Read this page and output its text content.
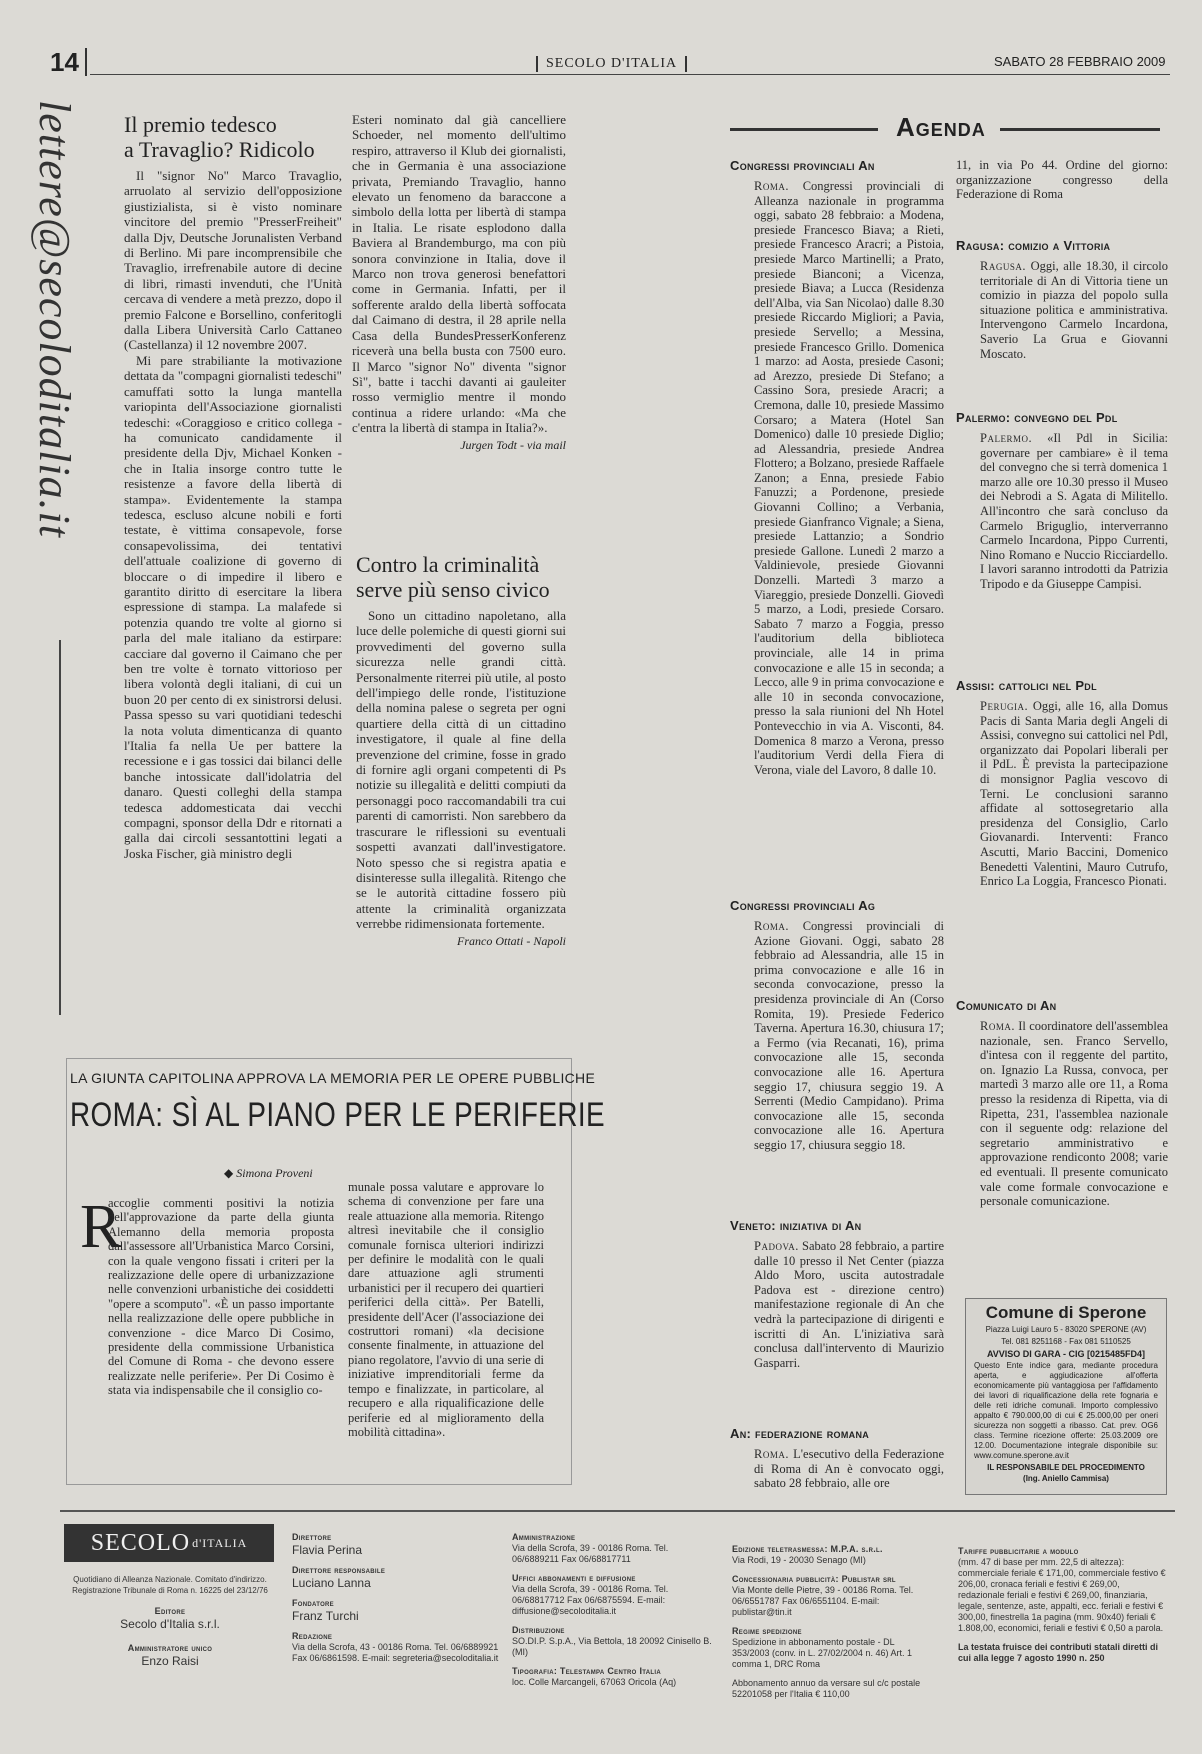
14	SECOLO D'ITALIA	SABATO 28 FEBBRAIO 2009
lettere@secoloditalia.it Il premio tedesco
a Travaglio? Ridicolo

Il "signor No" Marco Travaglio, arruolato al servizio dell'opposizione giustizialista, si è visto nominare vincitore del premio "PresserFreiheit" dalla Djv, Deutsche Jorunalisten Verband di Berlino. Mi pare incomprensibile che Travaglio, irrefrenabile autore di decine di libri, rimasti invenduti, che l'Unità cercava di vendere a metà prezzo, dopo il premio Falcone e Borsellino, conferitogli dalla Libera Università Carlo Cattaneo (Castellanza) il 12 novembre 2007.

Mi pare strabiliante la motivazione dettata da "compagni giornalisti tedeschi" camuffati sotto la lunga mantella variopinta dell'Associazione giornalisti tedeschi: «Coraggioso e critico collega - ha comunicato candidamente il presidente della Djv, Michael Konken - che in Italia insorge contro tutte le resistenze a favore della libertà di stampa». Evidentemente la stampa tedesca, escluso alcune nobili e forti testate, è vittima consapevole, forse consapevolissima, dei tentativi dell'attuale coalizione di governo di bloccare o di impedire il libero e garantito diritto di esercitare la libera espressione di stampa. La malafede si potenzia quando tre volte al giorno si parla del male italiano da estirpare: cacciare dal governo il Caimano che per ben tre volte è tornato vittorioso per libera volontà degli italiani, di cui un buon 20 per cento di ex sinistrorsi delusi. Passa spesso su vari quotidiani tedeschi la nota voluta dimenticanza di quanto l'Italia fa nella Ue per battere la recessione e i gas tossici dai bilanci delle banche intossicate dall'idolatria del danaro. Questi colleghi della stampa tedesca addomesticata dai vecchi compagni, sponsor della Ddr e ritornati a galla dai circoli sessantottini legati a Joska Fischer, già ministro degli

Esteri nominato dal già cancelliere Schoeder, nel momento dell'ultimo respiro, attraverso il Klub dei giornalisti, che in Germania è una associazione privata, Premiando Travaglio, hanno elevato un fenomeno da baraccone a simbolo della lotta per libertà di stampa in Italia. Le risate esplodono dalla Baviera al Brandemburgo, ma con più sonora convinzione in Italia, dove il Marco non trova generosi benefattori come in Germania. Infatti, per il sofferente araldo della libertà soffocata dal Caimano di destra, il 28 aprile nella Casa della BundesPresserKonferenz riceverà una bella busta con 7500 euro. Il Marco "signor No" diventa "signor Sì", batte i tacchi davanti ai gauleiter rosso vermiglio mentre il mondo continua a ridere urlando: «Ma che c'entra la libertà di stampa in Italia?».

Jurgen Todt - via mail
Contro la criminalità
serve più senso civico

Sono un cittadino napoletano, alla luce delle polemiche di questi giorni sui provvedimenti del governo sulla sicurezza nelle grandi città. Personalmente riterrei più utile, al posto dell'impiego delle ronde, l'istituzione della nomina palese o segreta per ogni quartiere della città di un cittadino investigatore, il quale al fine della prevenzione del crimine, fosse in grado di fornire agli organi competenti di Ps notizie su illegalità e delitti compiuti da personaggi poco raccomandabili tra cui parenti di camorristi. Non sarebbero da trascurare le riflessioni su eventuali sospetti avanzati dall'investigatore. Noto spesso che si registra apatia e disinteresse sulla illegalità. Ritengo che se le autorità cittadine fossero più attente la criminalità organizzata verrebbe ridimensionata fortemente.

Franco Ottati - Napoli
LA GIUNTA CAPITOLINA APPROVA LA MEMORIA PER LE OPERE PUBBLICHE
ROMA: SÌ AL PIANO PER LE PERIFERIE
◆ Simona Proveni
R

accoglie commenti positivi la notizia dell'approvazione da parte della giunta Alemanno della memoria proposta dall'assessore all'Urbanistica Marco Corsini, con la quale vengono fissati i criteri per la realizzazione delle opere di urbanizzazione nelle convenzioni urbanistiche dei cosiddetti "opere a scomputo". «È un passo importante nella realizzazione delle opere pubbliche in convenzione - dice Marco Di Cosimo, presidente della commissione Urbanistica del Comune di Roma - che devono essere realizzate nelle periferie». Per Di Cosimo è stata via indispensabile che il consiglio co-

munale possa valutare e approvare lo schema di convenzione per fare una reale attuazione alla memoria. Ritengo altresì inevitabile che il consiglio comunale fornisca ulteriori indirizzi per definire le modalità con le quali dare attuazione agli strumenti urbanistici per il recupero dei quartieri periferici della città». Per Batelli, presidente dell'Acer (l'associazione dei costruttori romani) «la decisione consente finalmente, in attuazione del piano regolatore, l'avvio di una serie di iniziative imprenditoriali ferme da tempo e finalizzate, in particolare, al recupero e alla riqualificazione delle periferie ed al miglioramento della mobilità cittadina».

Agenda
Congressi provinciali An
Roma. Congressi provinciali di Alleanza nazionale in programma oggi, sabato 28 febbraio: a Modena, presiede Francesco Biava; a Rieti, presiede Francesco Aracri; a Pistoia, presiede Marco Martinelli; a Prato, presiede Bianconi; a Vicenza, presiede Biava; a Lucca (Residenza dell'Alba, via San Nicolao) dalle 8.30 presiede Riccardo Migliori; a Pavia, presiede Servello; a Messina, presiede Francesco Grillo. Domenica 1 marzo: ad Aosta, presiede Casoni; ad Arezzo, presiede Di Stefano; a Cassino Sora, presiede Aracri; a Cremona, dalle 10, presiede Massimo Corsaro; a Matera (Hotel San Domenico) dalle 10 presiede Diglio; ad Alessandria, presiede Andrea Flottero; a Bolzano, presiede Raffaele Zanon; a Enna, presiede Fabio Fanuzzi; a Pordenone, presiede Giovanni Collino; a Verbania, presiede Gianfranco Vignale; a Siena, presiede Lattanzio; a Sondrio presiede Gallone. Lunedì 2 marzo a Valdinievole, presiede Giovanni Donzelli. Martedì 3 marzo a Viareggio, presiede Donzelli. Giovedì 5 marzo, a Lodi, presiede Corsaro. Sabato 7 marzo a Foggia, presso l'auditorium della biblioteca provinciale, alle 14 in prima convocazione e alle 15 in seconda; a Lecco, alle 9 in prima convocazione e alle 10 in seconda convocazione, presso la sala riunioni del Nh Hotel Pontevecchio in via A. Visconti, 84. Domenica 8 marzo a Verona, presso l'auditorium Verdi della Fiera di Verona, viale del Lavoro, 8 dalle 10.
Congressi provinciali Ag
Roma. Congressi provinciali di Azione Giovani. Oggi, sabato 28 febbraio ad Alessandria, alle 15 in prima convocazione e alle 16 in seconda convocazione, presso la presidenza provinciale di An (Corso Romita, 19). Presiede Federico Taverna. Apertura 16.30, chiusura 17; a Fermo (via Recanati, 16), prima convocazione alle 15, seconda convocazione alle 16. Apertura seggio 17, chiusura seggio 19. A Serrenti (Medio Campidano). Prima convocazione alle 15, seconda convocazione alle 16. Apertura seggio 17, chiusura seggio 18.
Veneto: iniziativa di An
Padova. Sabato 28 febbraio, a partire dalle 10 presso il Net Center (piazza Aldo Moro, uscita autostradale Padova est - direzione centro) manifestazione regionale di An che vedrà la partecipazione di dirigenti e iscritti di An. L'iniziativa sarà conclusa dall'intervento di Maurizio Gasparri.
An: federazione romana
Roma. L'esecutivo della Federazione di Roma di An è convocato oggi, sabato 28 febbraio, alle ore
11, in via Po 44. Ordine del giorno: organizzazione congresso della Federazione di Roma
Ragusa: comizio a Vittoria
Ragusa. Oggi, alle 18.30, il circolo territoriale di An di Vittoria tiene un comizio in piazza del popolo sulla situazione politica e amministrativa. Intervengono Carmelo Incardona, Saverio La Grua e Giovanni Moscato.
Palermo: convegno del Pdl
Palermo. «Il Pdl in Sicilia: governare per cambiare» è il tema del convegno che si terrà domenica 1 marzo alle ore 10.30 presso il Museo dei Nebrodi a S. Agata di Militello. All'incontro che sarà concluso da Carmelo Briguglio, interverranno Carmelo Incardona, Pippo Currenti, Nino Romano e Nuccio Ricciardello. I lavori saranno introdotti da Patrizia Tripodo e da Giuseppe Campisi.
Assisi: cattolici nel Pdl
Perugia. Oggi, alle 16, alla Domus Pacis di Santa Maria degli Angeli di Assisi, convegno sui cattolici nel Pdl, organizzato dai Popolari liberali per il PdL. È prevista la partecipazione di monsignor Paglia vescovo di Terni. Le conclusioni saranno affidate al sottosegretario alla presidenza del Consiglio, Carlo Giovanardi. Interventi: Franco Ascutti, Mario Baccini, Domenico Benedetti Valentini, Mauro Cutrufo, Enrico La Loggia, Francesco Pionati.
Comunicato di An
Roma. Il coordinatore dell'assemblea nazionale, sen. Franco Servello, d'intesa con il reggente del partito, on. Ignazio La Russa, convoca, per martedì 3 marzo alle ore 11, a Roma presso la residenza di Ripetta, via di Ripetta, 231, l'assemblea nazionale con il seguente odg: relazione del segretario amministrativo e approvazione rendiconto 2008; varie ed eventuali. Il presente comunicato vale come formale convocazione e personale comunicazione.
Comune di Sperone
Piazza Luigi Lauro 5 - 83020 SPERONE (AV)
Tel. 081 8251168 - Fax 081 5110525
AVVISO DI GARA - CIG [0215485FD4]
Questo Ente indice gara, mediante procedura aperta, e aggiudicazione all'offerta economicamente più vantaggiosa per l'affidamento dei lavori di riqualificazione della rete fognaria e delle reti idriche comunali. Importo complessivo appalto € 790.000,00 di cui € 25.000,00 per oneri sicurezza non soggetti a ribasso. Cat. prev. OG6 class. Termine ricezione offerte: 25.03.2009 ore 12.00. Documentazione integrale disponibile su: www.comune.sperone.av.it
IL RESPONSABILE DEL PROCEDIMENTO
(Ing. Aniello Cammisa)
SECOLO d'ITALIA
Quotidiano di Alleanza Nazionale. Comitato d'indirizzo. Registrazione Tribunale di Roma n. 16225 del 23/12/76
Editore
Secolo d'Italia s.r.l.
Amministratore unico
Enzo Raisi
Direttore
Flavia Perina
Direttore responsabile
Luciano Lanna
Fondatore
Franz Turchi
Redazione
Via della Scrofa, 43 - 00186 Roma. Tel. 06/6889921 Fax 06/6861598. E-mail: segreteria@secoloditalia.it
Amministrazione
Via della Scrofa, 39 - 00186 Roma. Tel. 06/6889211 Fax 06/68817711
Uffici abbonamenti e diffusione
Via della Scrofa, 39 - 00186 Roma. Tel. 06/68817712 Fax 06/6875594. E-mail: diffusione@secoloditalia.it
Distribuzione
SO.DI.P. S.p.A., Via Bettola, 18 20092 Cinisello B. (MI)
Tipografia: Telestampa Centro Italia
loc. Colle Marcangeli, 67063 Oricola (Aq)
Edizione teletrasmessa: M.P.A. s.r.l.
Via Rodi, 19 - 20030 Senago (MI)
Concessionaria pubblicità: Publistar srl
Via Monte delle Pietre, 39 - 00186 Roma. Tel. 06/6551787 Fax 06/6551104. E-mail: publistar@tin.it
Regime spedizione
Spedizione in abbonamento postale - DL 353/2003 (conv. in L. 27/02/2004 n. 46) Art. 1 comma 1, DRC Roma
Abbonamento annuo da versare sul c/c postale 52201058 per l'Italia € 110,00
Tariffe pubblicitarie a modulo
(mm. 47 di base per mm. 22,5 di altezza): commerciale feriale € 171,00, commerciale festivo € 206,00, cronaca feriali e festivi € 269,00, redazionale feriali e festivi € 269,00, finanziaria, legale, sentenze, aste, appalti, ecc. feriali e festivi € 300,00, finestrella 1a pagina (mm. 90x40) feriali € 1.808,00, economici, feriali e festivi € 0,50 a parola.
La testata fruisce dei contributi statali diretti di cui alla legge 7 agosto 1990 n. 250
